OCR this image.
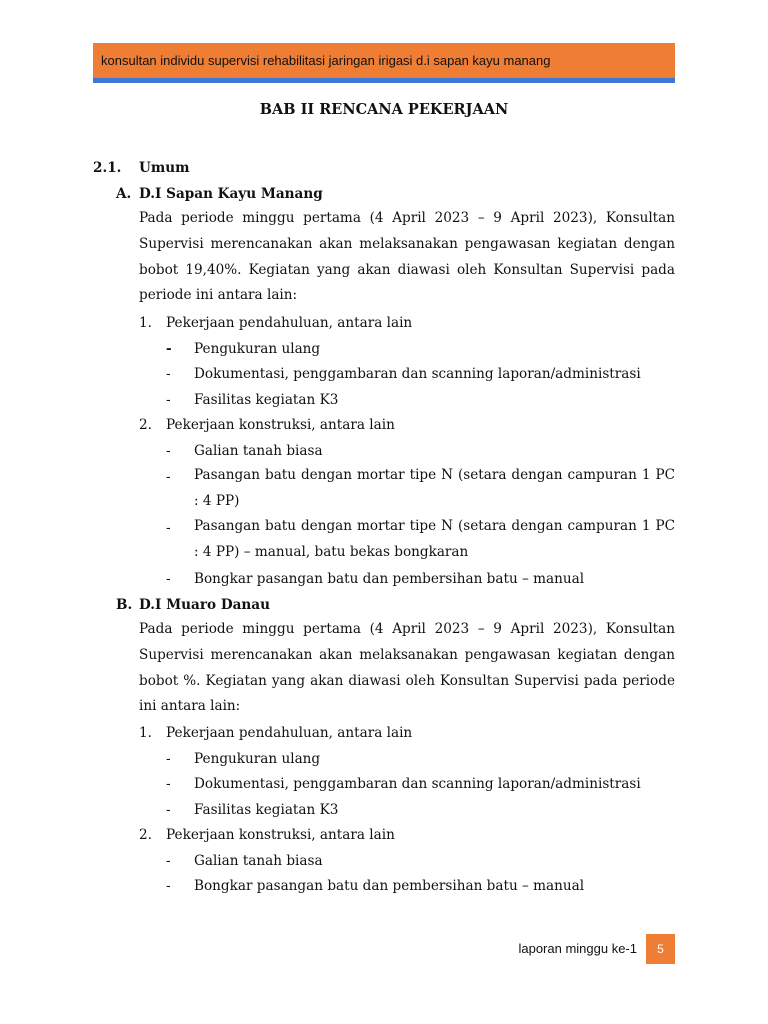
konsultan individu supervisi rehabilitasi jaringan irigasi d.i sapan kayu manang
BAB II RENCANA PEKERJAAN
2.1. Umum
A. D.I Sapan Kayu Manang
Pada periode minggu pertama (4 April 2023 – 9 April 2023), Konsultan Supervisi merencanakan akan melaksanakan pengawasan kegiatan dengan bobot 19,40%. Kegiatan yang akan diawasi oleh Konsultan Supervisi pada periode ini antara lain:
1. Pekerjaan pendahuluan, antara lain
- Pengukuran ulang
- Dokumentasi, penggambaran dan scanning laporan/administrasi
- Fasilitas kegiatan K3
2. Pekerjaan konstruksi, antara lain
- Galian tanah biasa
- Pasangan batu dengan mortar tipe N (setara dengan campuran 1 PC : 4 PP)
- Pasangan batu dengan mortar tipe N (setara dengan campuran 1 PC : 4 PP) – manual, batu bekas bongkaran
- Bongkar pasangan batu dan pembersihan batu – manual
B. D.I Muaro Danau
Pada periode minggu pertama (4 April 2023 – 9 April 2023), Konsultan Supervisi merencanakan akan melaksanakan pengawasan kegiatan dengan bobot %. Kegiatan yang akan diawasi oleh Konsultan Supervisi pada periode ini antara lain:
1. Pekerjaan pendahuluan, antara lain
- Pengukuran ulang
- Dokumentasi, penggambaran dan scanning laporan/administrasi
- Fasilitas kegiatan K3
2. Pekerjaan konstruksi, antara lain
- Galian tanah biasa
- Bongkar pasangan batu dan pembersihan batu – manual
laporan minggu ke-1 5
